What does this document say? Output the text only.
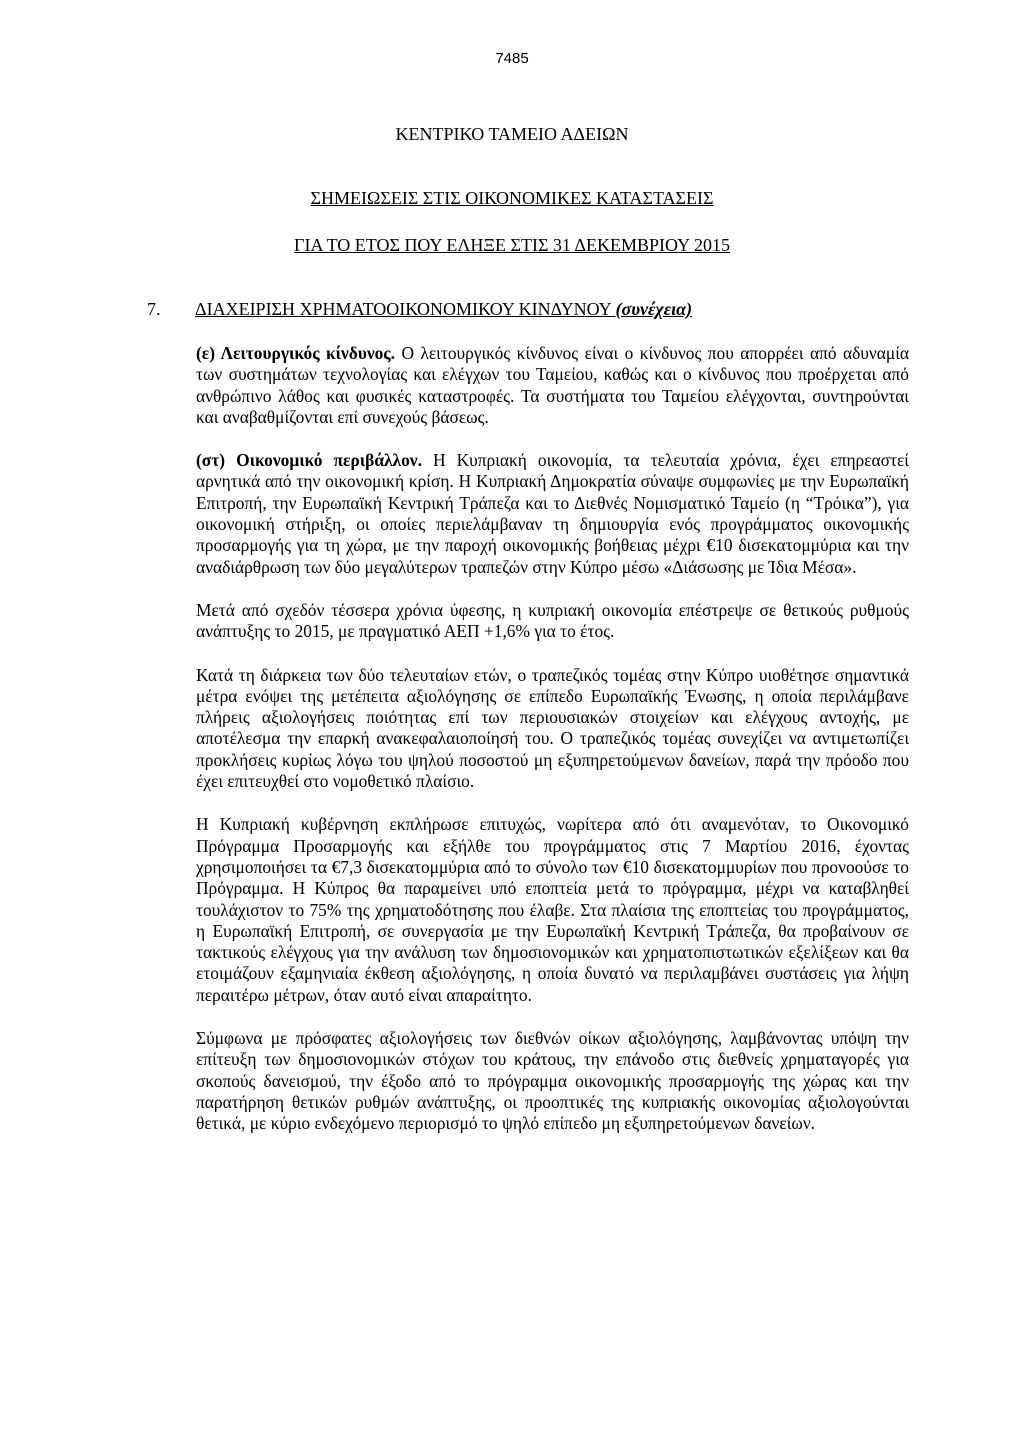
7485
ΚΕΝΤΡΙΚΟ ΤΑΜΕΙΟ ΑΔΕΙΩΝ
ΣΗΜΕΙΩΣΕΙΣ ΣΤΙΣ ΟΙΚΟΝΟΜΙΚΕΣ ΚΑΤΑΣΤΑΣΕΙΣ
ΓΙΑ ΤΟ ΕΤΟΣ ΠΟΥ ΕΛΗΞΕ ΣΤΙΣ 31 ΔΕΚΕΜΒΡΙΟΥ 2015
7. ΔΙΑΧΕΙΡΙΣΗ ΧΡΗΜΑΤΟΟΙΚΟΝΟΜΙΚΟΥ ΚΙΝΔΥΝΟΥ (συνέχεια)

(ε) Λειτουργικός κίνδυνος. Ο λειτουργικός κίνδυνος είναι ο κίνδυνος που απορρέει από αδυναμία των συστημάτων τεχνολογίας και ελέγχων του Ταμείου, καθώς και ο κίνδυνος που προέρχεται από ανθρώπινο λάθος και φυσικές καταστροφές. Τα συστήματα του Ταμείου ελέγχονται, συντηρούνται και αναβαθμίζονται επί συνεχούς βάσεως.

(στ) Οικονομικό περιβάλλον. Η Κυπριακή οικονομία, τα τελευταία χρόνια, έχει επηρεαστεί αρνητικά από την οικονομική κρίση. Η Κυπριακή Δημοκρατία σύναψε συμφωνίες με την Ευρωπαϊκή Επιτροπή, την Ευρωπαϊκή Κεντρική Τράπεζα και το Διεθνές Νομισματικό Ταμείο (η “Τρόικα”), για οικονομική στήριξη, οι οποίες περιελάμβαναν τη δημιουργία ενός προγράμματος οικονομικής προσαρμογής για τη χώρα, με την παροχή οικονομικής βοήθειας μέχρι €10 δισεκατομμύρια και την αναδιάρθρωση των δύο μεγαλύτερων τραπεζών στην Κύπρο μέσω «Διάσωσης με Ίδια Μέσα».

Μετά από σχεδόν τέσσερα χρόνια ύφεσης, η κυπριακή οικονομία επέστρεψε σε θετικούς ρυθμούς ανάπτυξης το 2015, με πραγματικό ΑΕΠ +1,6% για το έτος.

Κατά τη διάρκεια των δύο τελευταίων ετών, ο τραπεζικός τομέας στην Κύπρο υιοθέτησε σημαντικά μέτρα ενόψει της μετέπειτα αξιολόγησης σε επίπεδο Ευρωπαϊκής Ένωσης, η οποία περιλάμβανε πλήρεις αξιολογήσεις ποιότητας επί των περιουσιακών στοιχείων και ελέγχους αντοχής, με αποτέλεσμα την επαρκή ανακεφαλαιοποίησή του. Ο τραπεζικός τομέας συνεχίζει να αντιμετωπίζει προκλήσεις κυρίως λόγω του ψηλού ποσοστού μη εξυπηρετούμενων δανείων, παρά την πρόοδο που έχει επιτευχθεί στο νομοθετικό πλαίσιο.

Η Κυπριακή κυβέρνηση εκπλήρωσε επιτυχώς, νωρίτερα από ότι αναμενόταν, το Οικονομικό Πρόγραμμα Προσαρμογής και εξήλθε του προγράμματος στις 7 Μαρτίου 2016, έχοντας χρησιμοποιήσει τα €7,3 δισεκατομμύρια από το σύνολο των €10 δισεκατομμυρίων που προνοούσε το Πρόγραμμα. Η Κύπρος θα παραμείνει υπό εποπτεία μετά το πρόγραμμα, μέχρι να καταβληθεί τουλάχιστον το 75% της χρηματοδότησης που έλαβε. Στα πλαίσια της εποπτείας του προγράμματος, η Ευρωπαϊκή Επιτροπή, σε συνεργασία με την Ευρωπαϊκή Κεντρική Τράπεζα, θα προβαίνουν σε τακτικούς ελέγχους για την ανάλυση των δημοσιονομικών και χρηματοπιστωτικών εξελίξεων και θα ετοιμάζουν εξαμηνιαία έκθεση αξιολόγησης, η οποία δυνατό να περιλαμβάνει συστάσεις για λήψη περαιτέρω μέτρων, όταν αυτό είναι απαραίτητο.

Σύμφωνα με πρόσφατες αξιολογήσεις των διεθνών οίκων αξιολόγησης, λαμβάνοντας υπόψη την επίτευξη των δημοσιονομικών στόχων του κράτους, την επάνοδο στις διεθνείς χρηματαγορές για σκοπούς δανεισμού, την έξοδο από το πρόγραμμα οικονομικής προσαρμογής της χώρας και την παρατήρηση θετικών ρυθμών ανάπτυξης, οι προοπτικές της κυπριακής οικονομίας αξιολογούνται θετικά, με κύριο ενδεχόμενο περιορισμό το ψηλό επίπεδο μη εξυπηρετούμενων δανείων.
